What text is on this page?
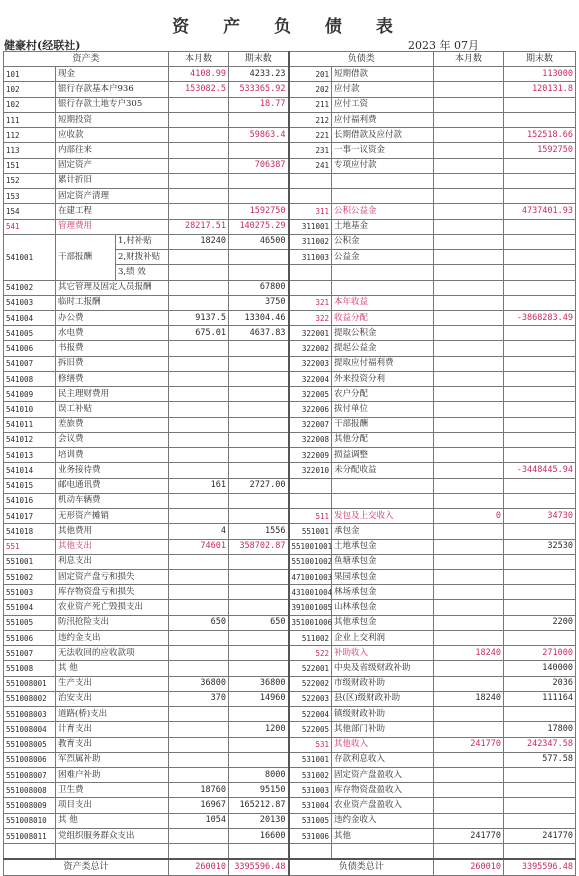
资 产 负 债 表
健豪村(经联社)	2023 年 07月
资产类			本月数	期末数	负债类		本月数	期末数
101	现金		4108.99	4233.23	201	短期借款		113000
102	银行存款基本户936		153082.5	533365.92	202	应付款		120131.8
102	银行存款土地专户305			18.77	211	应付工资		
111	短期投资				212	应付福利费		
112	应收款			59863.4	221	长期借款及应付款		152518.66
113	内部往来				231	一事一议资金		1592750
151	固定资产			706387	241	专项应付款		
152	累计折旧							
153	固定资产清理							
154	在建工程			1592750	311	公积公益金		4737401.93
541	管理费用		28217.51	140275.29	311001	土地基金		
541001	干部报酬	1,村补贴	18240	46500	311002	公积金		
		2,财拨补贴			311003	公益金		
		3,绩 效						
541002	其它管理及固定人员报酬			67800				
541003	临时工报酬			3750	321	本年收益		
541004	办公费		9137.5	13304.46	322	收益分配		-3868283.49
541005	水电费		675.01	4637.83	322001	提取公积金		
541006	书报费				322002	提起公益金		
541007	拆旧费				322003	提取应付福利费		
541008	修缮费				322004	外来投资分利		
541009	民主理财费用				322005	农户分配		
541010	误工补贴				322006	拔付单位		
541011	差旅费				322007	干部报酬		
541012	会议费				322008	其他分配		
541013	培训费				322009	损益调整		
541014	业务接待费				322010	未分配收益		-3448445.94
541015	邮电通讯费		161	2727.00				
541016	机动车辆费							
541017	无形资产摊销				511	发包及上交收入	0	34730
541018	其他费用		4	1556	551001	承包金		
551	其他支出		74601	358702.87	551001001	土地承包金		32530
551001	利息支出				551001002	鱼塘承包金		
551002	固定资产盘亏和损失				471001003	果园承包金		
551003	库存物资盘亏和损失				431001004	林场承包金		
551004	农业资产死亡毁损支出				391001005	山林承包金		
551005	防汛抢险支出		650	650	351001006	其他承包金		2200
551006	违约金支出				511002	企业上交利润		
551007	无法收回的应收款项				522	补助收入	18240	271000
551008	其 他				522001	中央及省级财政补助		140000
551008001	生产支出		36800	36800	522002	市级财政补助		2036
551008002	治安支出		370	14960	522003	县(区)级财政补助	18240	111164
551008003	道路(桥)支出				522004	镇级财政补助		
551008004	计育支出			1200	522005	其他部门补助		17800
551008005	教育支出				531	其他收入	241770	242347.58
551008006	军烈属补助				531001	存款利息收入		577.58
551008007	困难户补助			8000	531002	固定资产盘盈收入		
551008008	卫生费		18760	95150	531003	库存物资盘盈收入		
551008009	项目支出		16967	165212.87	531004	农业资产盘盈收入		
551008010	其 他		1054	20130	531005	违约金收入		
551008011	党组织服务群众支出			16600	531006	其他	241770	241770

资产类总计			260010	3395596.48	负债类总计		260010	3395596.48
